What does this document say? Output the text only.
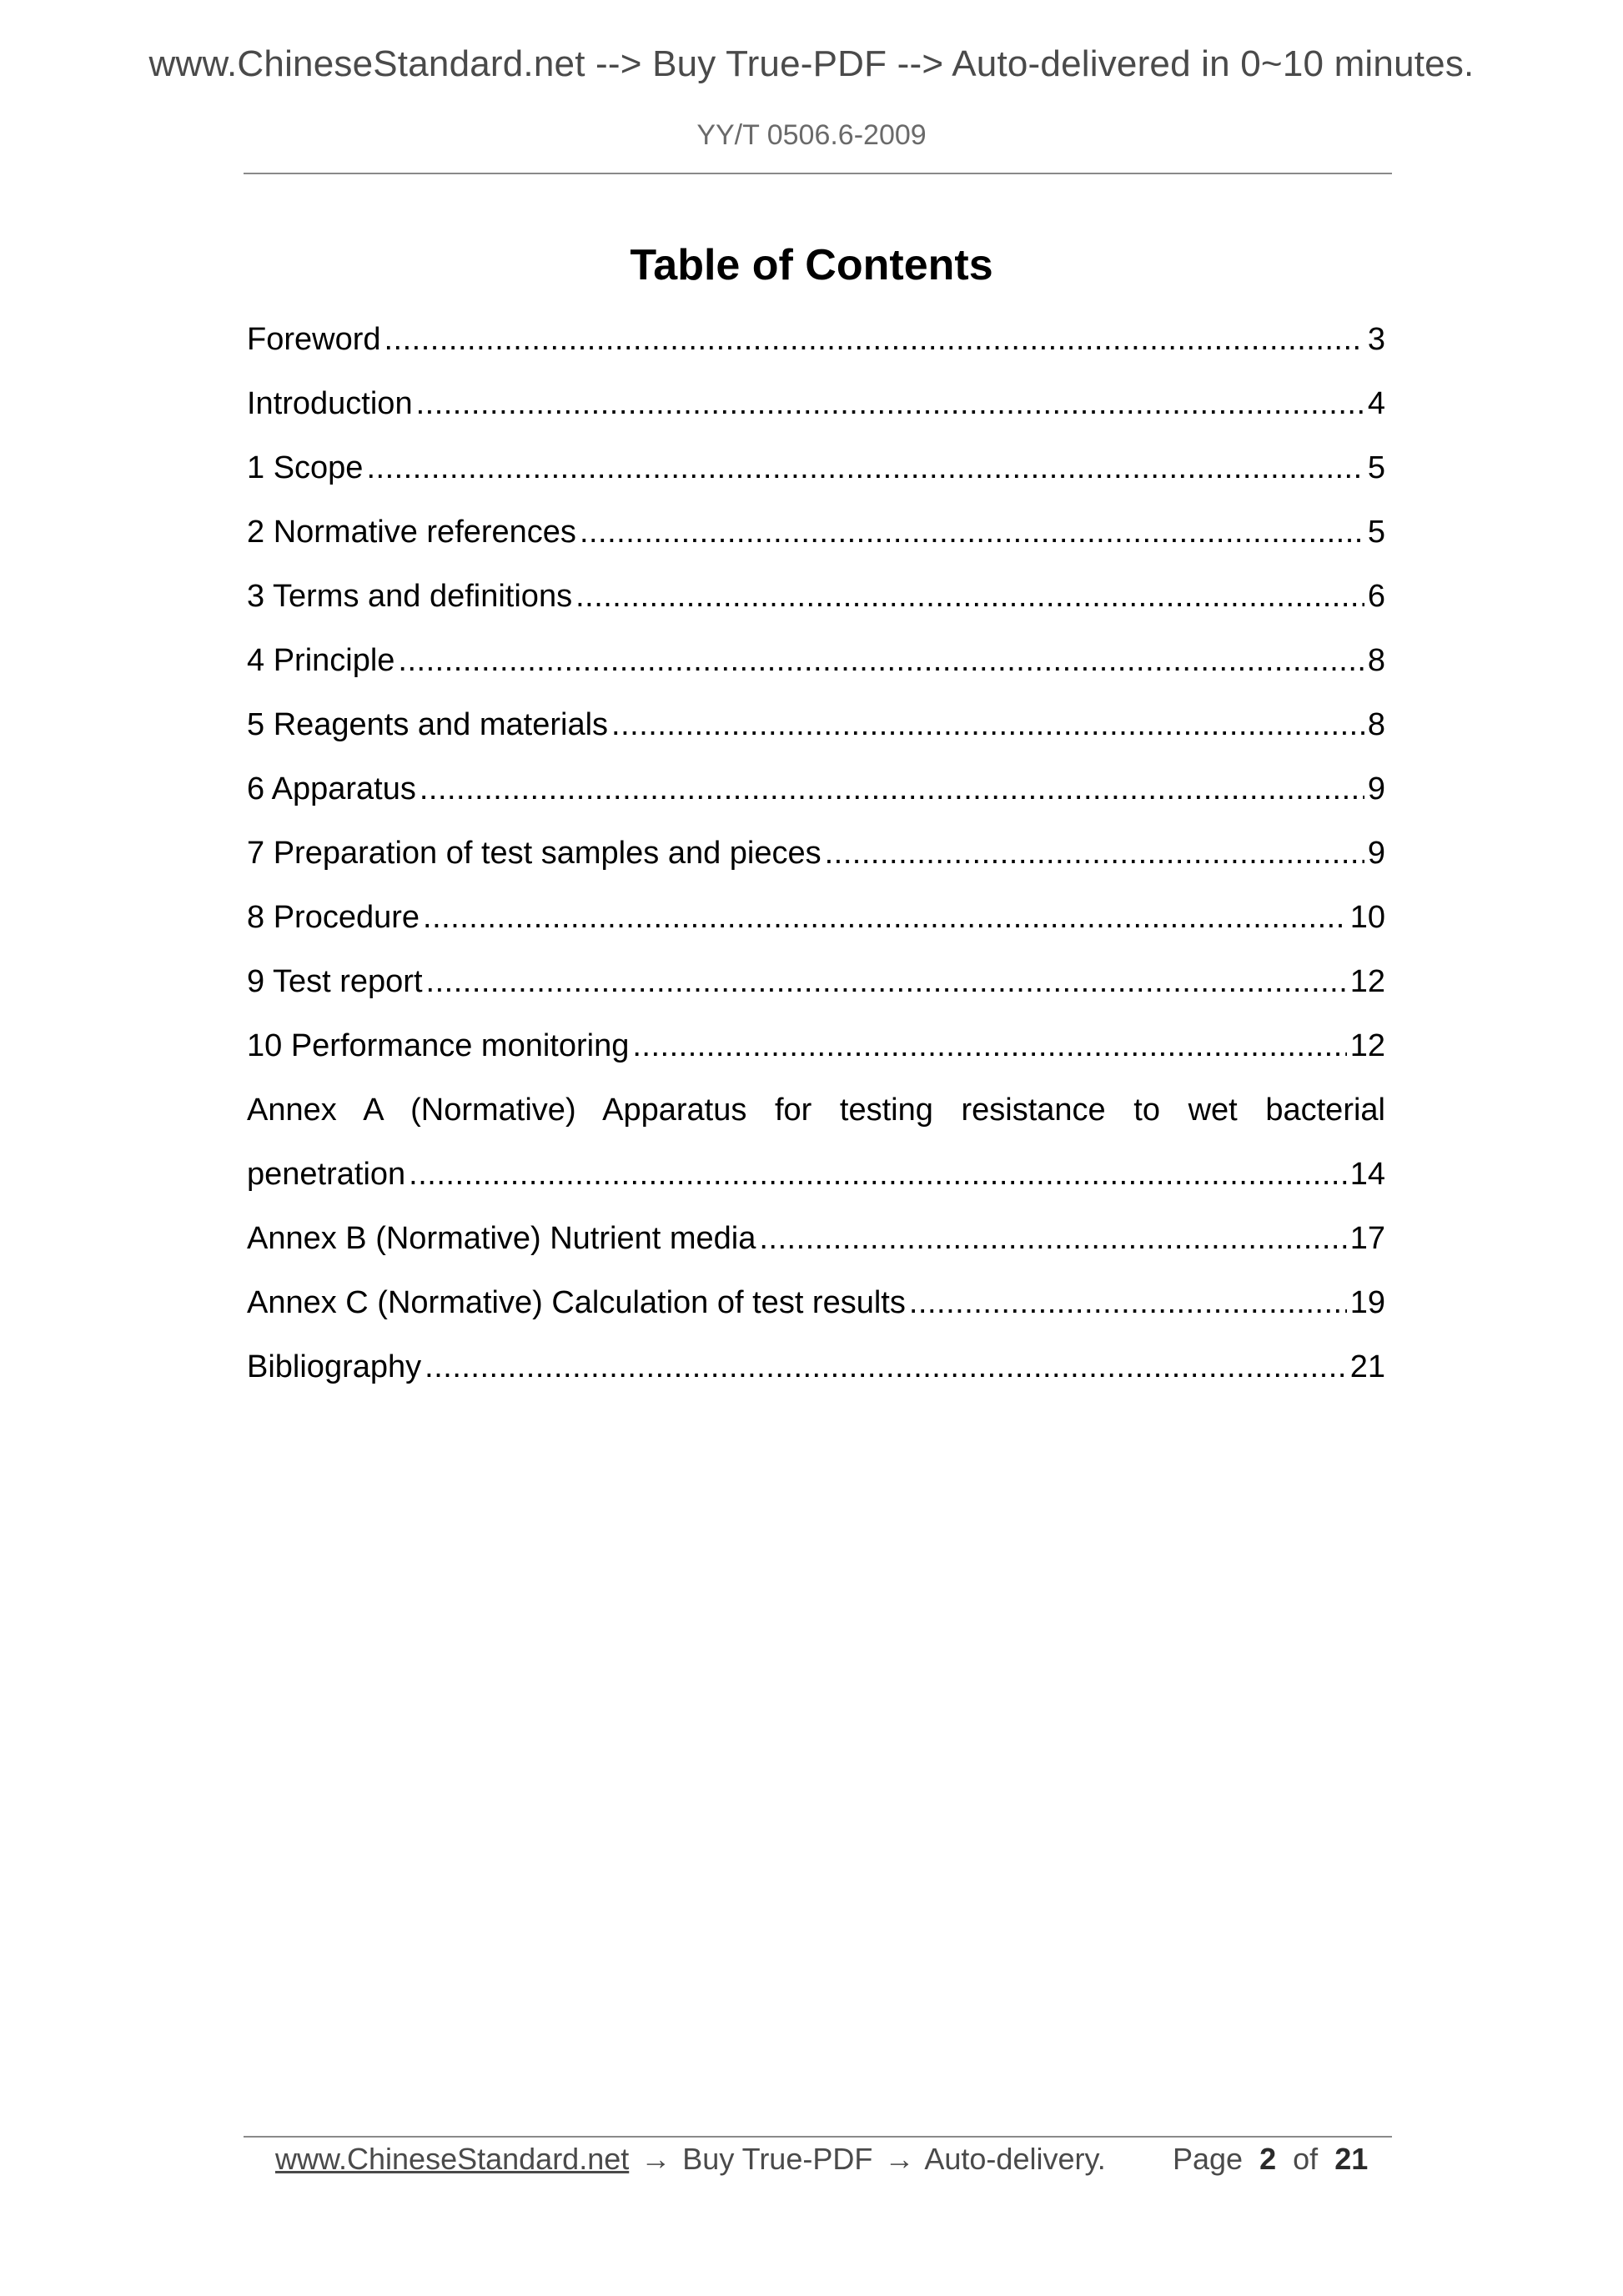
www.ChineseStandard.net --> Buy True-PDF --> Auto-delivered in 0~10 minutes.
YY/T 0506.6-2009
Table of Contents
Foreword .....	3
Introduction .....	4
1 Scope .....	5
2 Normative references .....	5
3 Terms and definitions .....	6
4 Principle .....	8
5 Reagents and materials .....	8
6 Apparatus .....	9
7 Preparation of test samples and pieces .....	9
8 Procedure .....	10
9 Test report .....	12
10 Performance monitoring .....	12
Annex A (Normative) Apparatus for testing resistance to wet bacterial
penetration .....	14
Annex B (Normative) Nutrient media .....	17
Annex C (Normative) Calculation of test results .....	19
Bibliography .....	21
www.ChineseStandard.net → Buy True-PDF → Auto-delivery. Page 2 of 21
